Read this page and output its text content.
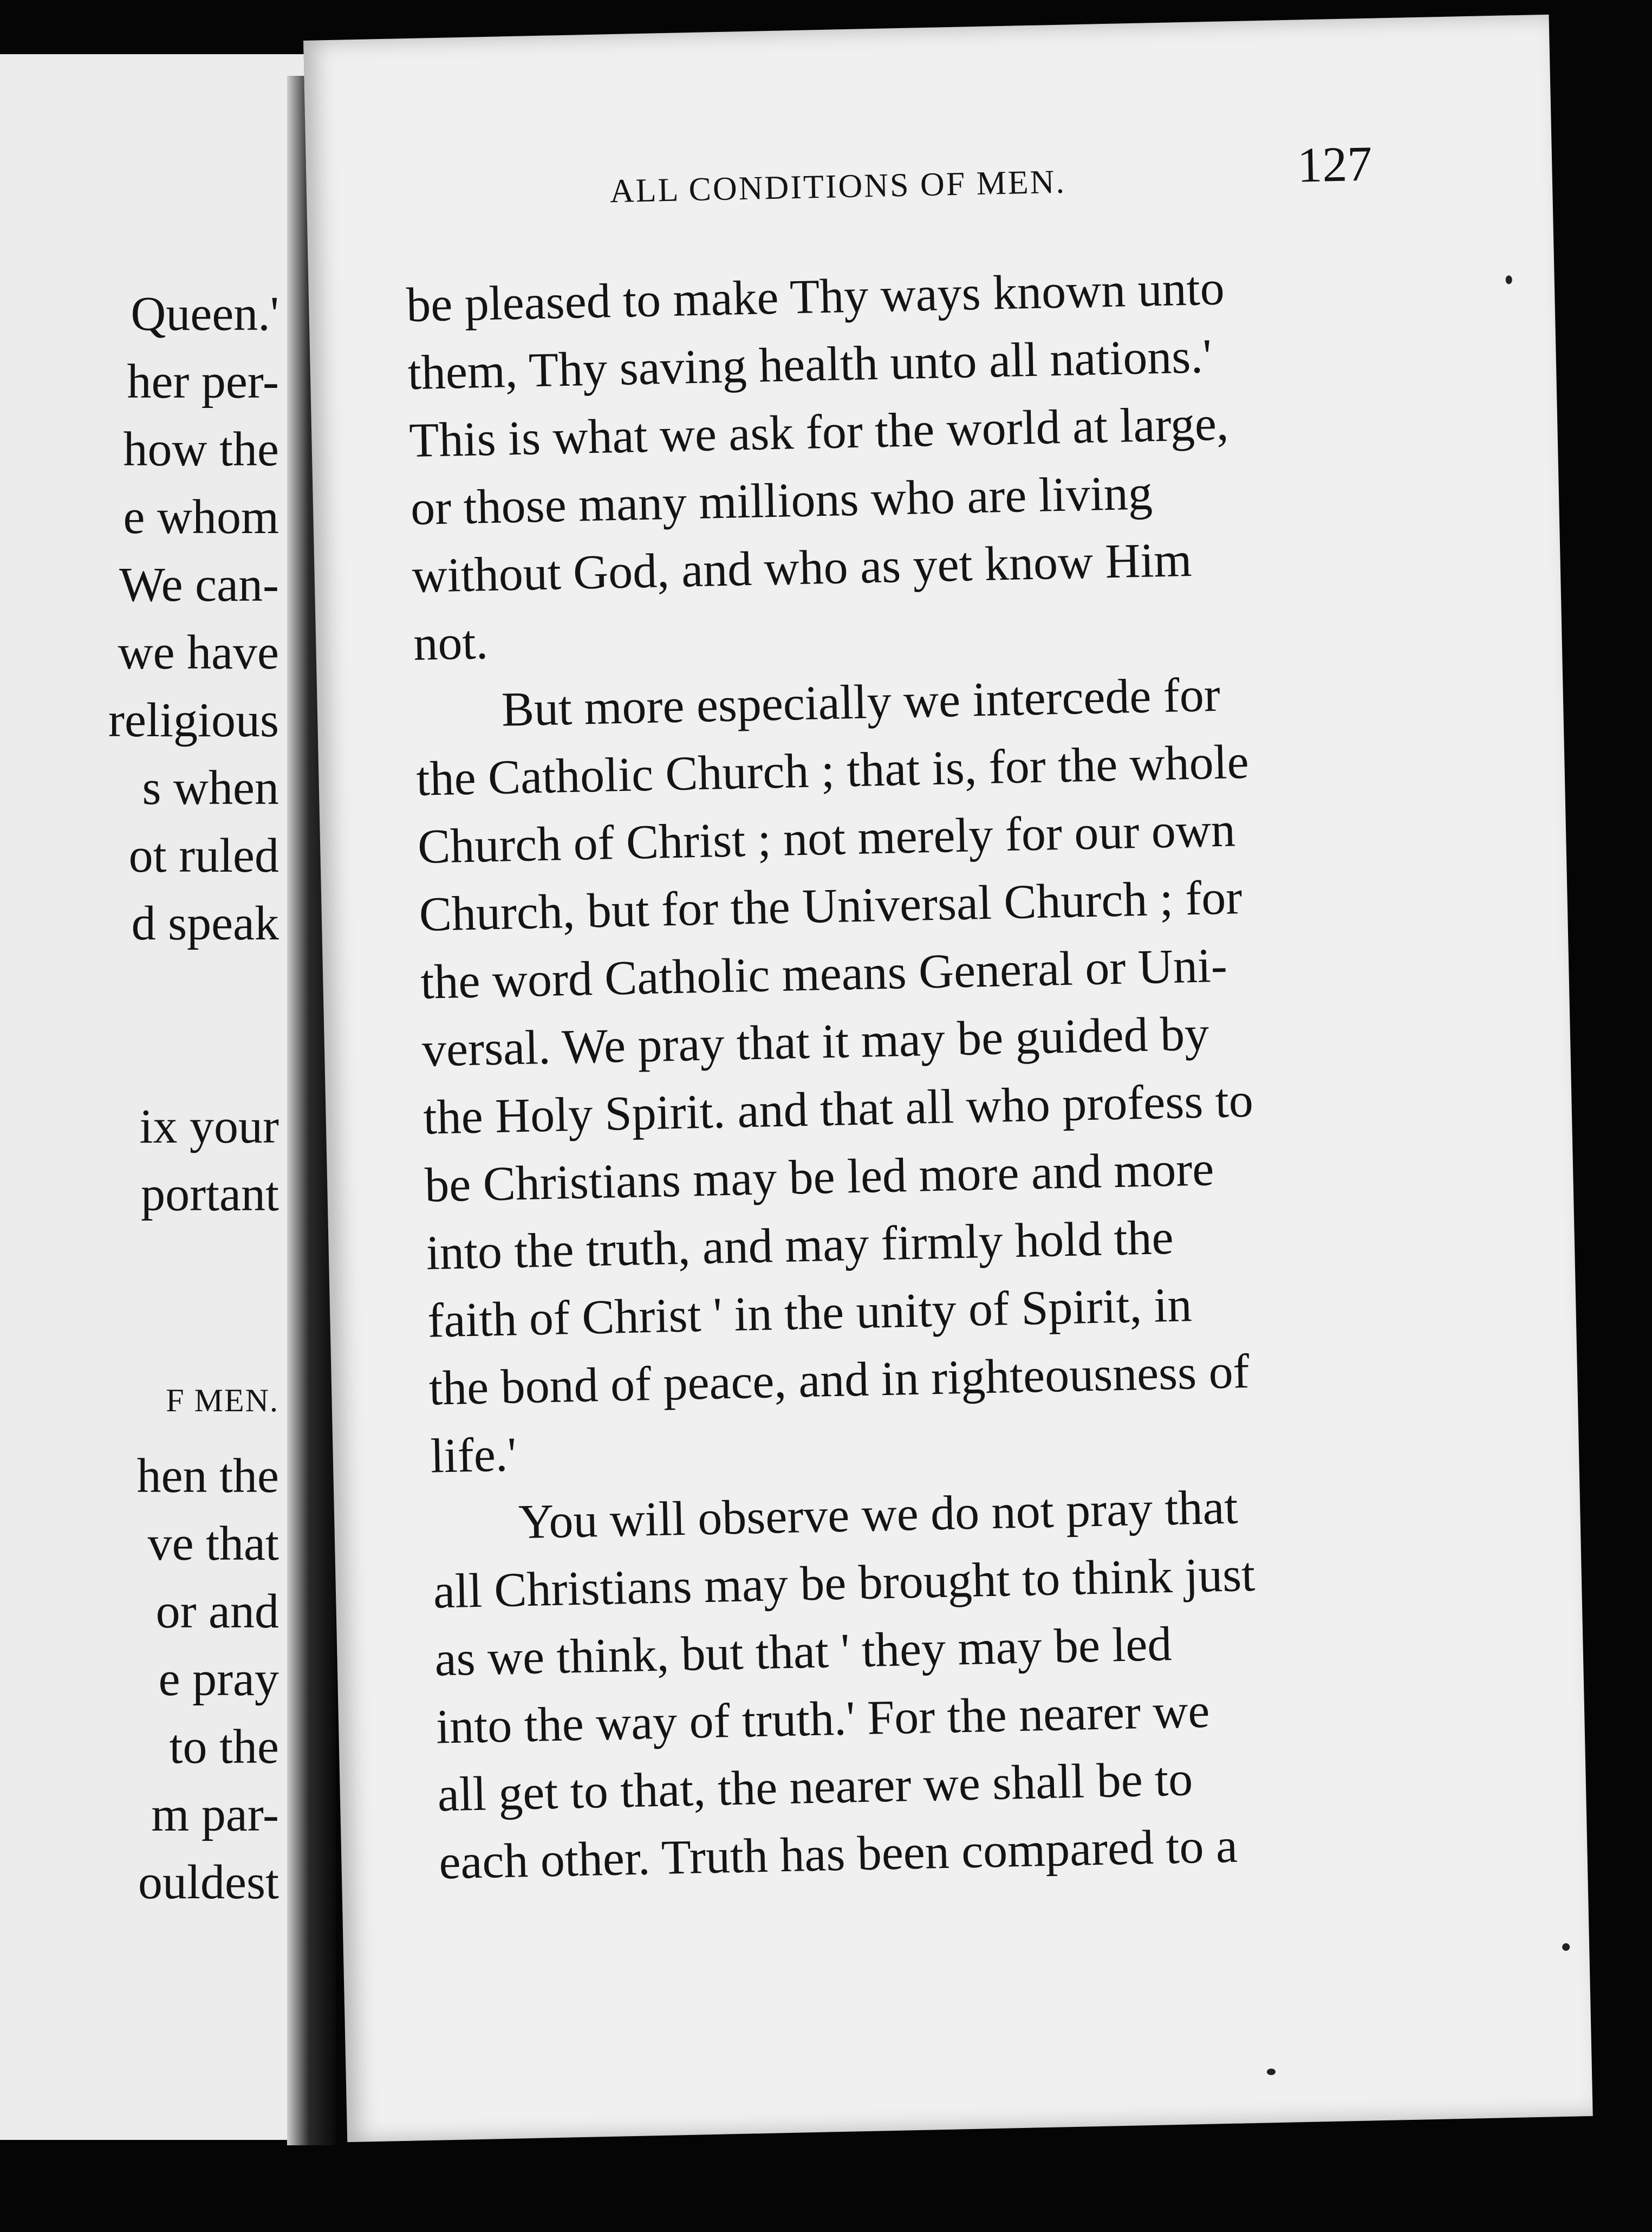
Queen.'
her per-
how the
e whom
We can-
we have
religious
s when
ot ruled
d speak
ix your
portant
F MEN.
hen the
ve that
or and
e pray
to the
m par-
ouldest
ALL CONDITIONS OF MEN.	127
be pleased to make Thy ways known unto
them, Thy saving health unto all nations.'
This is what we ask for the world at large,
or those many millions who are living
without God, and who as yet know Him
not.
But more especially we intercede for
the Catholic Church ; that is, for the whole
Church of Christ ; not merely for our own
Church, but for the Universal Church ; for
the word Catholic means General or Uni-
versal. We pray that it may be guided by
the Holy Spirit. and that all who profess to
be Christians may be led more and more
into the truth, and may firmly hold the
faith of Christ ' in the unity of Spirit, in
the bond of peace, and in righteousness of
life.'
You will observe we do not pray that
all Christians may be brought to think just
as we think, but that ' they may be led
into the way of truth.' For the nearer we
all get to that, the nearer we shall be to
each other. Truth has been compared to a
